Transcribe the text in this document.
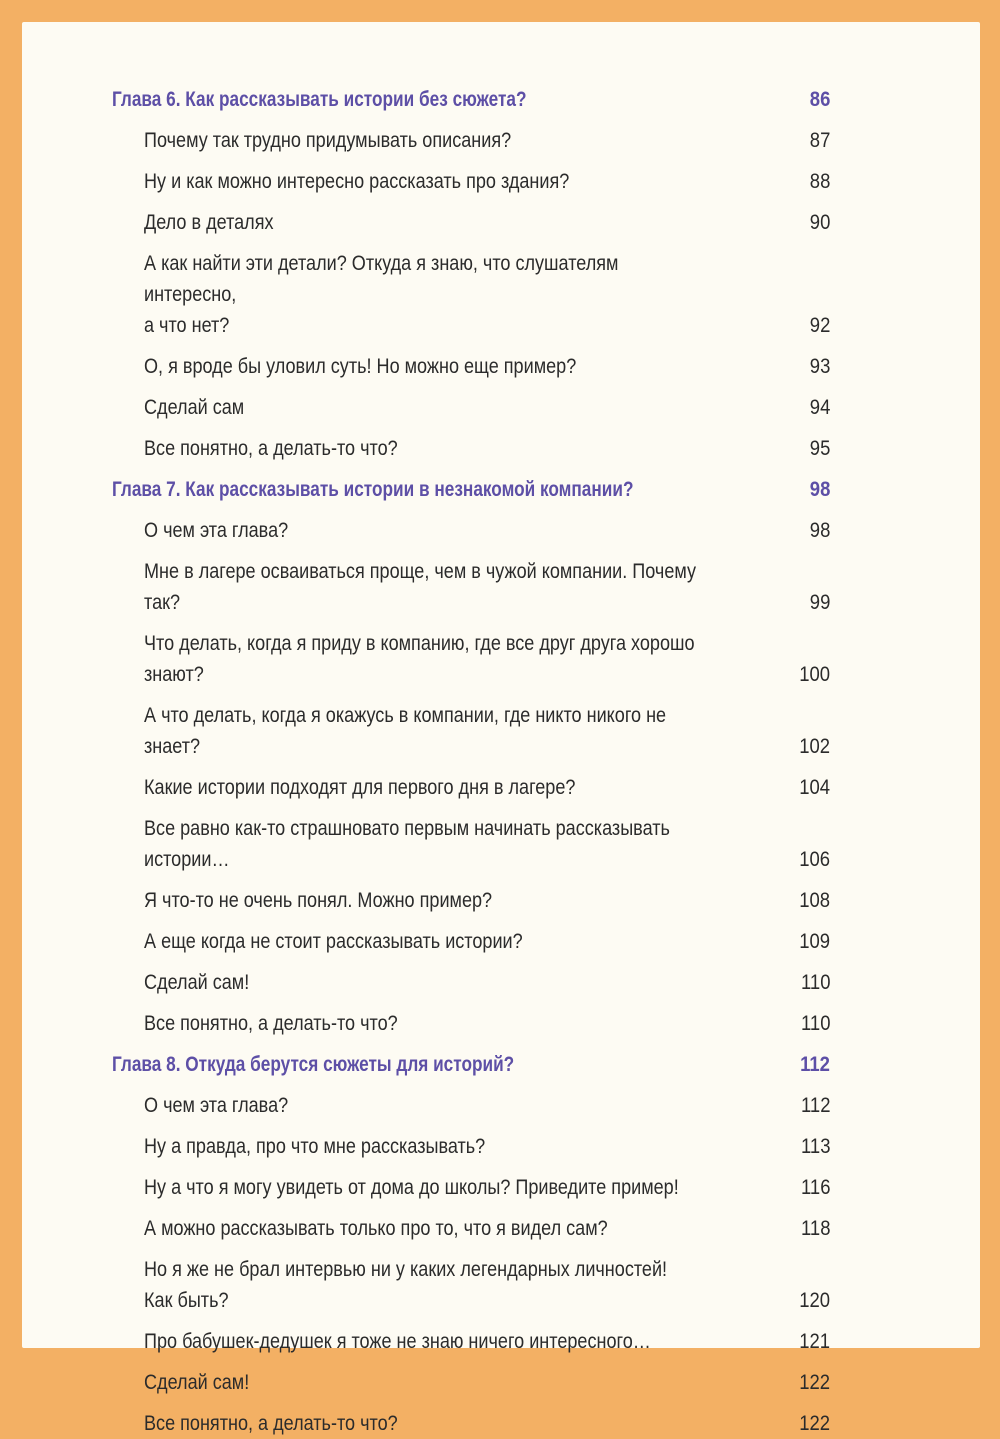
Глава 6. Как рассказывать истории без сюжета?	86
Почему так трудно придумывать описания?	87
Ну и как можно интересно рассказать про здания?	88
Дело в деталях	90
А как найти эти детали? Откуда я знаю, что слушателям интересно,
а что нет?	92
О, я вроде бы уловил суть! Но можно еще пример?	93
Сделай сам	94
Все понятно, а делать-то что?	95
Глава 7. Как рассказывать истории в незнакомой компании?	98
О чем эта глава?	98
Мне в лагере осваиваться проще, чем в чужой компании. Почему так?	99
Что делать, когда я приду в компанию, где все друг друга хорошо
знают?	100
А что делать, когда я окажусь в компании, где никто никого не знает?	102
Какие истории подходят для первого дня в лагере?	104
Все равно как-то страшновато первым начинать рассказывать
истории…	106
Я что-то не очень понял. Можно пример?	108
А еще когда не стоит рассказывать истории?	109
Сделай сам!	110
Все понятно, а делать-то что?	110
Глава 8. Откуда берутся сюжеты для историй?	112
О чем эта глава?	112
Ну а правда, про что мне рассказывать?	113
Ну а что я могу увидеть от дома до школы? Приведите пример!	116
А можно рассказывать только про то, что я видел сам?	118
Но я же не брал интервью ни у каких легендарных личностей!
Как быть?	120
Про бабушек-дедушек я тоже не знаю ничего интересного…	121
Сделай сам!	122
Все понятно, а делать-то что?	122
